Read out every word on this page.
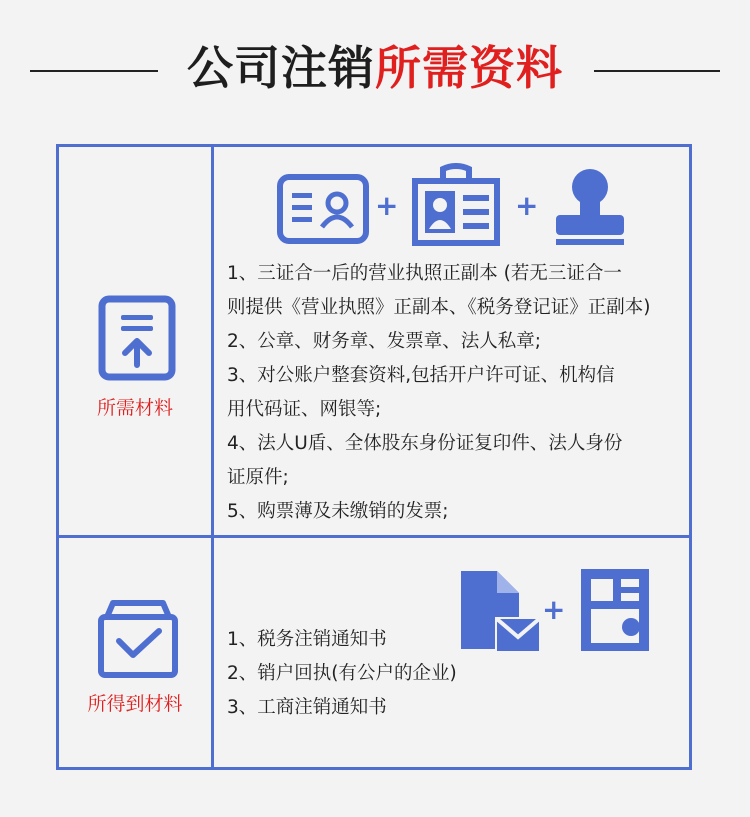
公司注销所需资料
所需材料
+	+
1、三证合一后的营业执照正副本 (若无三证合一
则提供《营业执照》正副本、《税务登记证》正副本)
2、公章、财务章、发票章、法人私章;
3、对公账户整套资料,包括开户许可证、机构信
用代码证、网银等;
4、法人U盾、全体股东身份证复印件、法人身份
证原件;
5、购票薄及未缴销的发票;
所得到材料
+
1、税务注销通知书
2、销户回执(有公户的企业)
3、工商注销通知书
